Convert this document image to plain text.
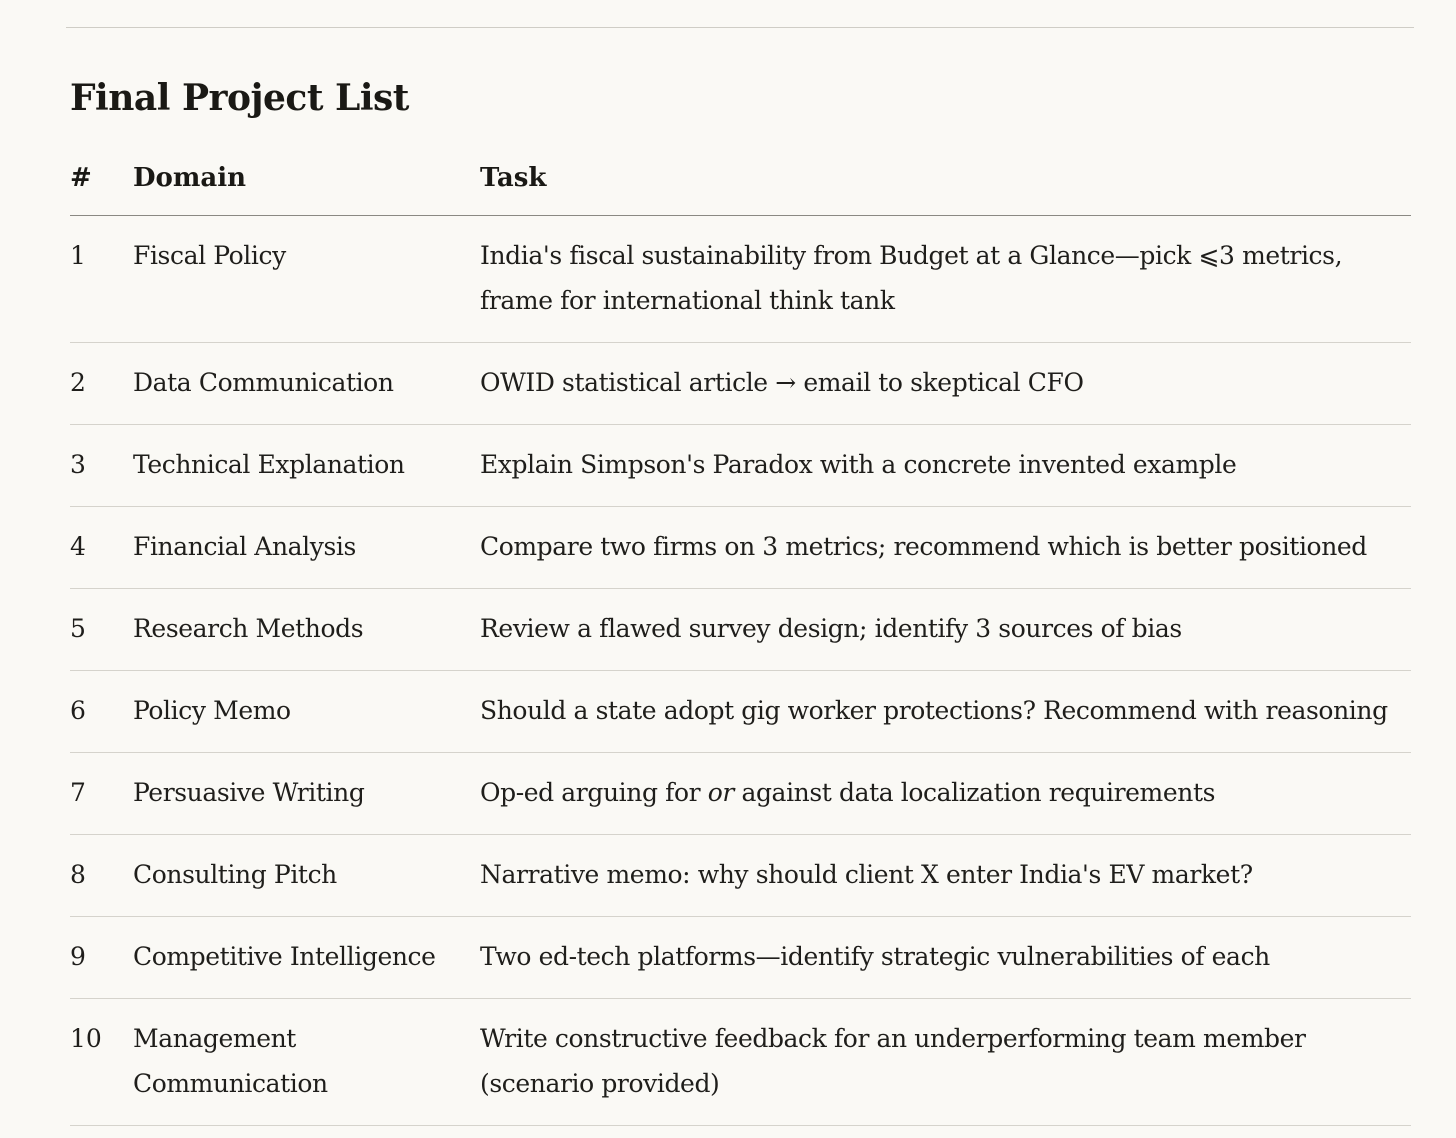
Final Project List
#	Domain	Task
1	Fiscal Policy	India's fiscal sustainability from Budget at a Glance—pick ⩽3 metrics, frame for international think tank
2	Data Communication	OWID statistical article → email to skeptical CFO
3	Technical Explanation	Explain Simpson's Paradox with a concrete invented example
4	Financial Analysis	Compare two firms on 3 metrics; recommend which is better positioned
5	Research Methods	Review a flawed survey design; identify 3 sources of bias
6	Policy Memo	Should a state adopt gig worker protections? Recommend with reasoning
7	Persuasive Writing	Op-ed arguing for or against data localization requirements
8	Consulting Pitch	Narrative memo: why should client X enter India's EV market?
9	Competitive Intelligence	Two ed-tech platforms—identify strategic vulnerabilities of each
10	Management Communication	Write constructive feedback for an underperforming team member (scenario provided)
